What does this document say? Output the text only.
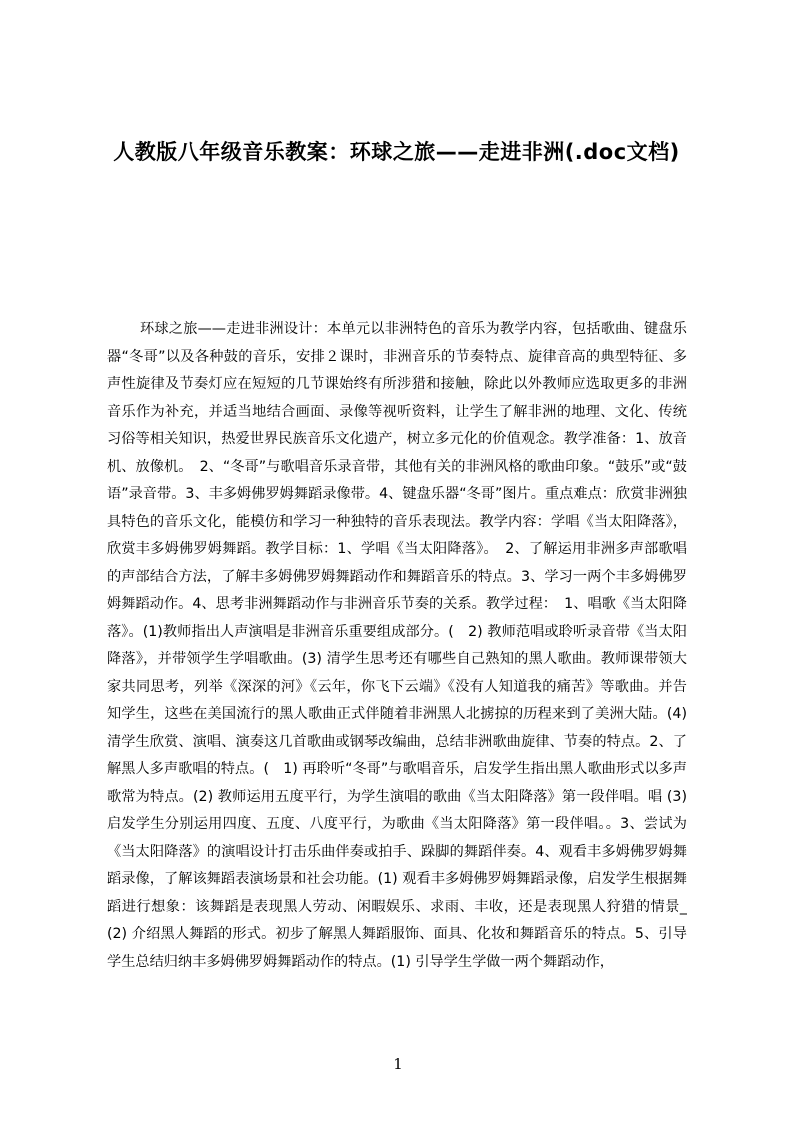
人教版八年级音乐教案：环球之旅——走进非洲(.doc文档)

环球之旅——走进非洲设计：本单元以非洲特色的音乐为教学内容，包括歌曲、键盘乐器“冬哥”以及各种鼓的音乐，安排２课时，非洲音乐的节奏特点、旋律音高的典型特征、多声性旋律及节奏灯应在短短的几节课始终有所涉猎和接触，除此以外教师应选取更多的非洲音乐作为补充，并适当地结合画面、录像等视听资料，让学生了解非洲的地理、文化、传统习俗等相关知识，热爱世界民族音乐文化遗产，树立多元化的价值观念。教学准备：1、放音机、放像机。　2、“冬哥”与歌唱音乐录音带，其他有关的非洲风格的歌曲印象。“鼓乐”或“鼓语”录音带。3、丰多姆佛罗姆舞蹈录像带。4、键盘乐器“冬哥”图片。重点难点：欣赏非洲独具特色的音乐文化，能模仿和学习一种独特的音乐表现法。教学内容：学唱《当太阳降落》，欣赏丰多姆佛罗姆舞蹈。教学目标：1、学唱《当太阳降落》。　2、了解运用非洲多声部歌唱的声部结合方法，了解丰多姆佛罗姆舞蹈动作和舞蹈音乐的特点。3、学习一两个丰多姆佛罗姆舞蹈动作。4、思考非洲舞蹈动作与非洲音乐节奏的关系。教学过程：　1、唱歌《当太阳降落》。(1)教师指出人声演唱是非洲音乐重要组成部分。(　2) 教师范唱或聆听录音带《当太阳降落》，并带领学生学唱歌曲。(3) 清学生思考还有哪些自己熟知的黑人歌曲。教师课带领大家共同思考，列举《深深的河》《云年，你飞下云端》《没有人知道我的痛苦》等歌曲。并告知学生，这些在美国流行的黑人歌曲正式伴随着非洲黑人北掳掠的历程来到了美洲大陆。(4) 清学生欣赏、演唱、演奏这几首歌曲或钢琴改编曲，总结非洲歌曲旋律、节奏的特点。2、了解黑人多声歌唱的特点。(　1) 再聆听“冬哥”与歌唱音乐，启发学生指出黑人歌曲形式以多声歌常为特点。(2) 教师运用五度平行，为学生演唱的歌曲《当太阳降落》第一段伴唱。唱 (3) 启发学生分别运用四度、五度、八度平行，为歌曲《当太阳降落》第一段伴唱。。3、尝试为《当太阳降落》的演唱设计打击乐曲伴奏或拍手、跺脚的舞蹈伴奏。4、观看丰多姆佛罗姆舞蹈录像，了解该舞蹈表演场景和社会功能。(1) 观看丰多姆佛罗姆舞蹈录像，启发学生根据舞蹈进行想象：该舞蹈是表现黑人劳动、闲暇娱乐、求雨、丰收，还是表现黑人狩猎的情景_(2) 介绍黑人舞蹈的形式。初步了解黑人舞蹈服饰、面具、化妆和舞蹈音乐的特点。5、引导学生总结归纳丰多姆佛罗姆舞蹈动作的特点。(1) 引导学生学做一两个舞蹈动作，

1
